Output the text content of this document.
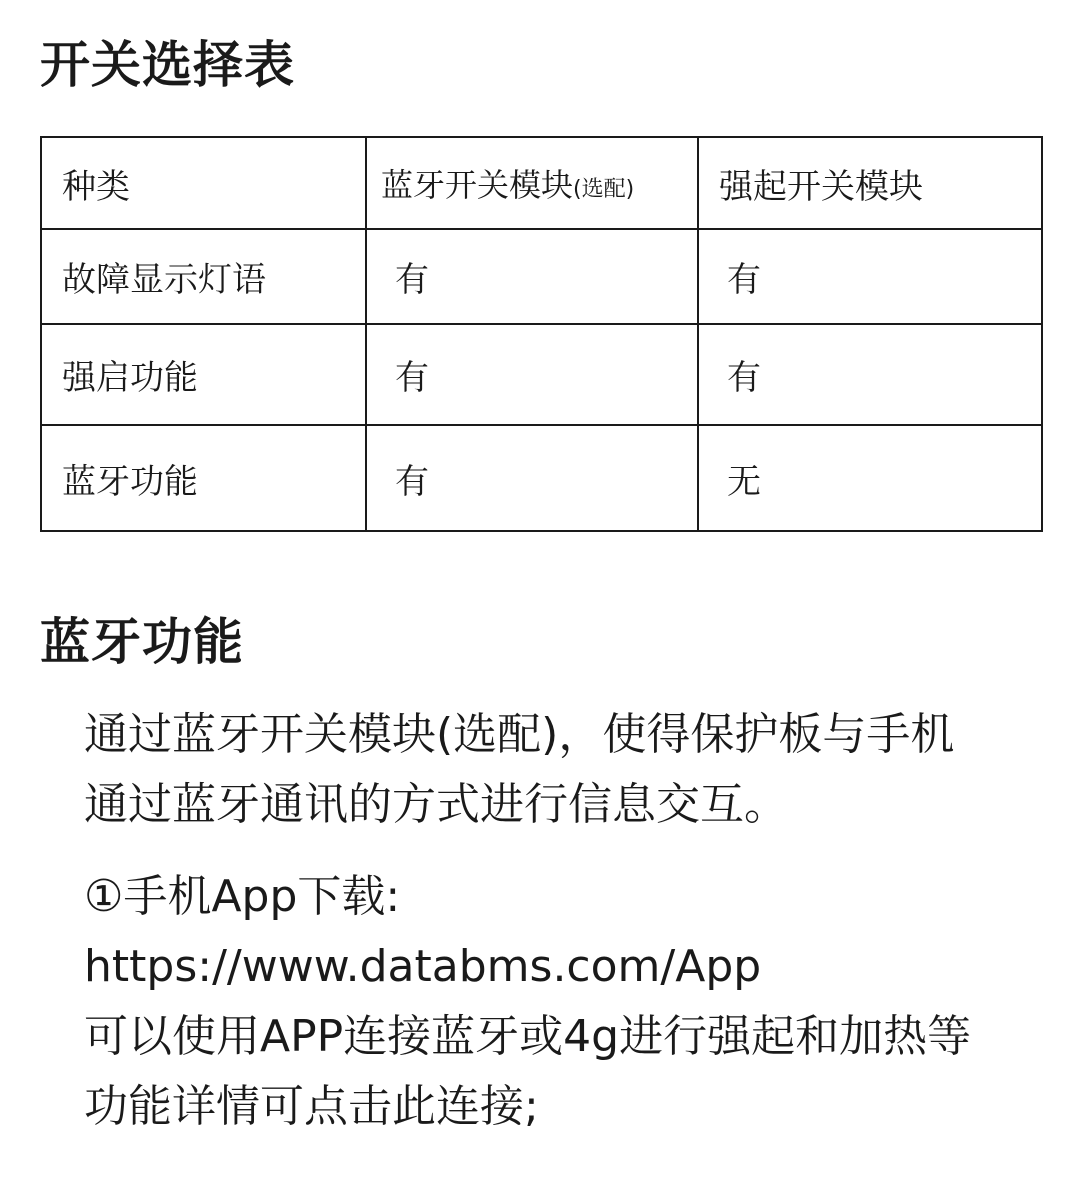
开关选择表
种类	蓝牙开关模块(选配)	强起开关模块
故障显示灯语	有	有
强启功能	有	有
蓝牙功能	有	无
蓝牙功能

通过蓝牙开关模块(选配)，使得保护板与手机
通过蓝牙通讯的方式进行信息交互。

①手机App下载:
https://www.databms.com/App
可以使用APP连接蓝牙或4g进行强起和加热等
功能详情可点击此连接;
